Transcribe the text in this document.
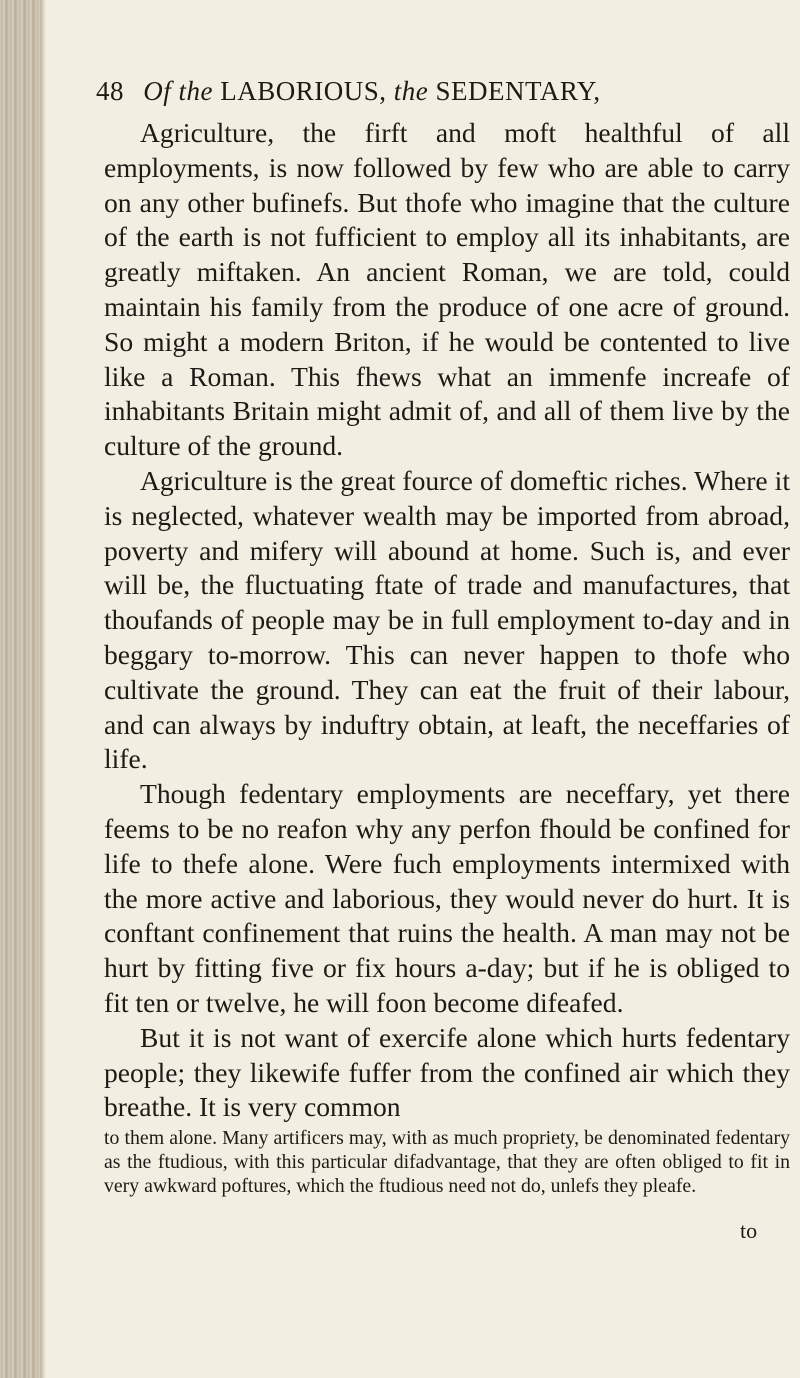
48 Of the LABORIOUS, the SEDENTARY,

Agriculture, the firft and moft healthful of all employments, is now followed by few who are able to carry on any other bufinefs. But thofe who imagine that the culture of the earth is not fufficient to employ all its inhabitants, are greatly miftaken. An ancient Roman, we are told, could maintain his family from the produce of one acre of ground. So might a modern Briton, if he would be contented to live like a Roman. This fhews what an immenfe increafe of inhabitants Britain might admit of, and all of them live by the culture of the ground.

Agriculture is the great fource of domeftic riches. Where it is neglected, whatever wealth may be imported from abroad, poverty and mifery will abound at home. Such is, and ever will be, the fluctuating ftate of trade and manufactures, that thoufands of people may be in full employment to-day and in beggary to-morrow. This can never happen to thofe who cultivate the ground. They can eat the fruit of their labour, and can always by induftry obtain, at leaft, the neceffaries of life.

Though fedentary employments are neceffary, yet there feems to be no reafon why any perfon fhould be confined for life to thefe alone. Were fuch employments intermixed with the more active and laborious, they would never do hurt. It is conftant confinement that ruins the health. A man may not be hurt by fitting five or fix hours a-day; but if he is obliged to fit ten or twelve, he will foon become difeafed.

But it is not want of exercife alone which hurts fedentary people; they likewife fuffer from the confined air which they breathe. It is very common

to them alone. Many artificers may, with as much propriety, be denominated fedentary as the ftudious, with this particular difadvantage, that they are often obliged to fit in very awkward poftures, which the ftudious need not do, unlefs they pleafe.
to
